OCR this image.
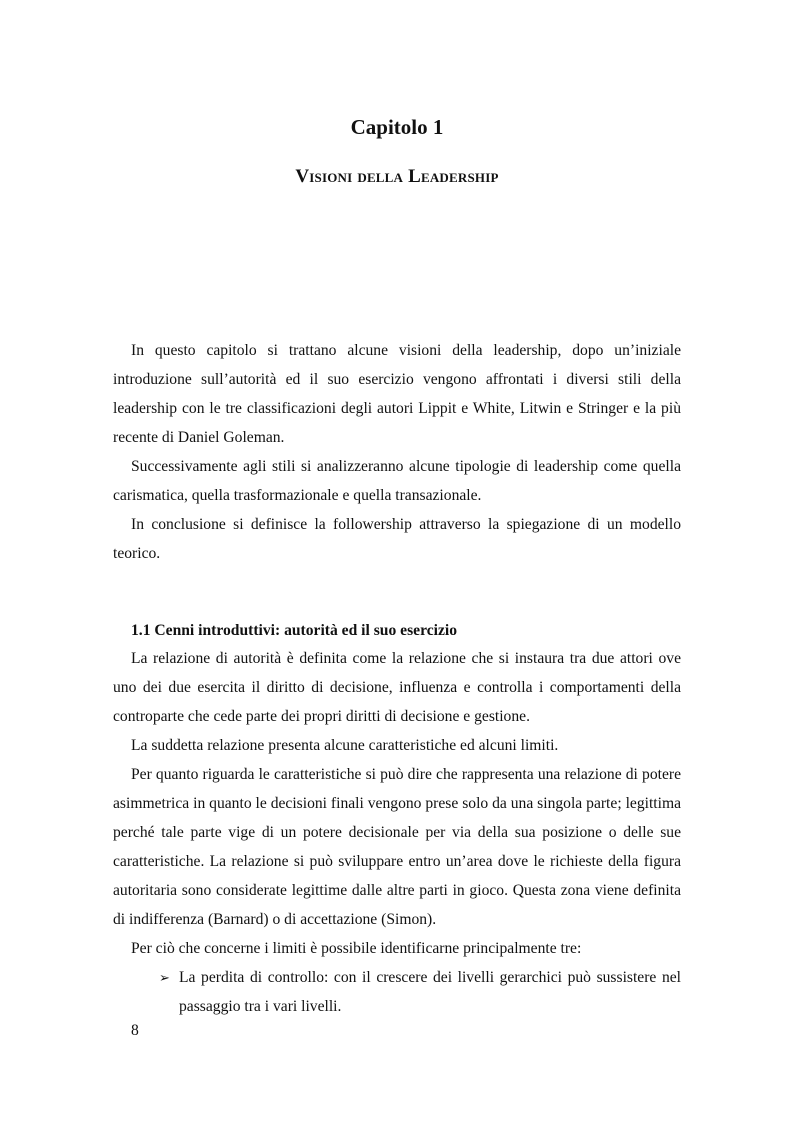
Capitolo 1
Visioni della Leadership

In questo capitolo si trattano alcune visioni della leadership, dopo un’iniziale introduzione sull’autorità ed il suo esercizio vengono affrontati i diversi stili della leadership con le tre classificazioni degli autori Lippit e White, Litwin e Stringer e la più recente di Daniel Goleman.

Successivamente agli stili si analizzeranno alcune tipologie di leadership come quella carismatica, quella trasformazionale e quella transazionale.

In conclusione si definisce la followership attraverso la spiegazione di un modello teorico.

1.1 Cenni introduttivi: autorità ed il suo esercizio

La relazione di autorità è definita come la relazione che si instaura tra due attori ove uno dei due esercita il diritto di decisione, influenza e controlla i comportamenti della controparte che cede parte dei propri diritti di decisione e gestione.

La suddetta relazione presenta alcune caratteristiche ed alcuni limiti.

Per quanto riguarda le caratteristiche si può dire che rappresenta una relazione di potere asimmetrica in quanto le decisioni finali vengono prese solo da una singola parte; legittima perché tale parte vige di un potere decisionale per via della sua posizione o delle sue caratteristiche. La relazione si può sviluppare entro un’area dove le richieste della figura autoritaria sono considerate legittime dalle altre parti in gioco. Questa zona viene definita di indifferenza (Barnard) o di accettazione (Simon).

Per ciò che concerne i limiti è possibile identificarne principalmente tre:

➢ La perdita di controllo: con il crescere dei livelli gerarchici può sussistere nel passaggio tra i vari livelli.
8
